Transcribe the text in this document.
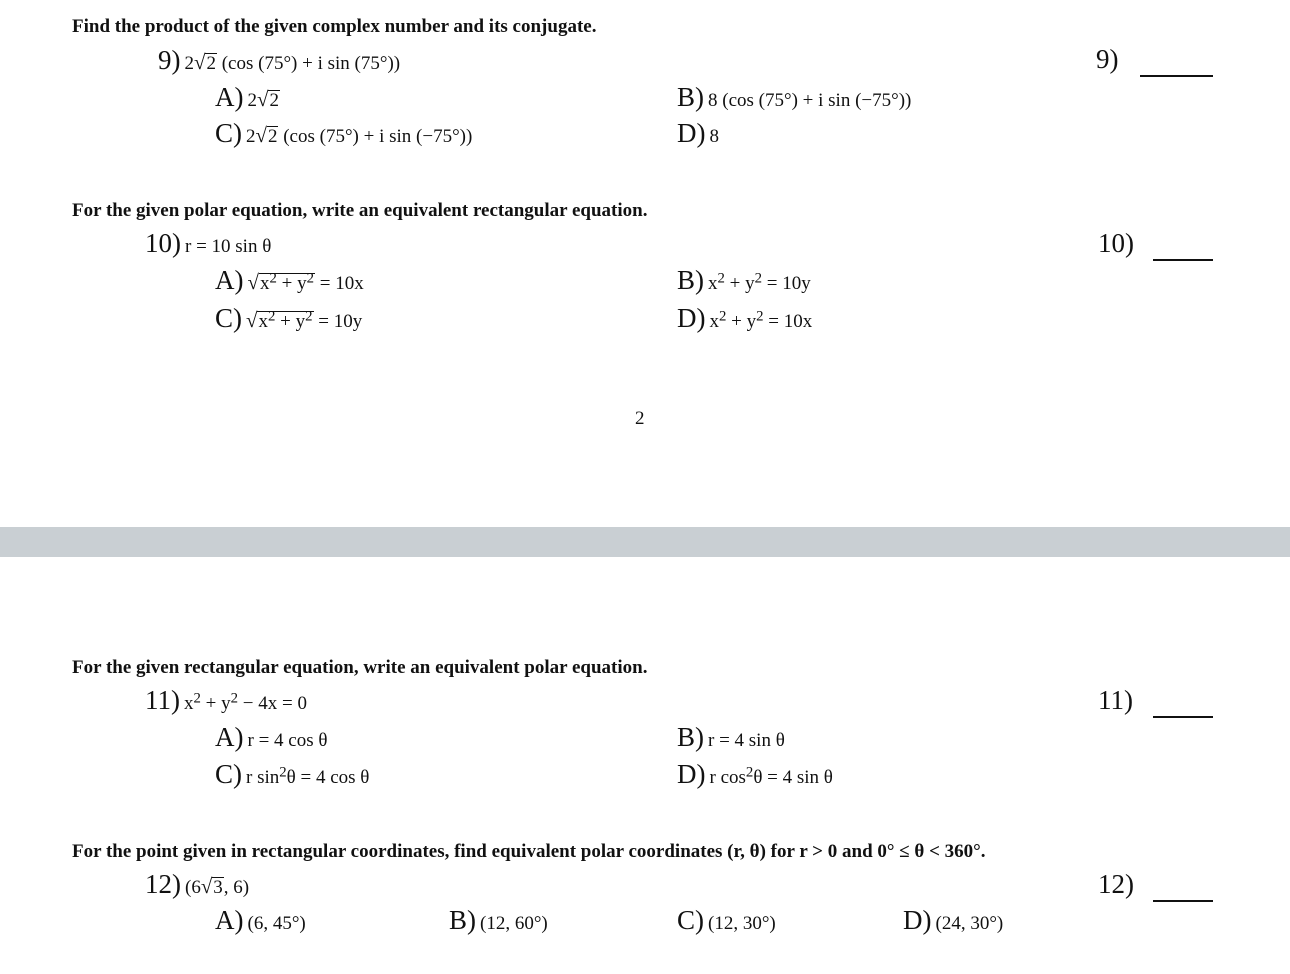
Find the product of the given complex number and its conjugate.
9) 2√2 (cos (75°) + i sin (75°))	9)
A) 2√2	B) 8 (cos (75°) + i sin (−75°))
C) 2√2 (cos (75°) + i sin (−75°))	D) 8
For the given polar equation, write an equivalent rectangular equation.
10) r = 10 sin θ	10)
A) $√x^2 + y^2 = 10x$	B) $x^2 + y^2 = 10y$
C) $√x^2 + y^2 = 10y$	D) $x^2 + y^2 = 10x$
2
For the given rectangular equation, write an equivalent polar equation.
11) $x^2 + y^2 - 4x = 0$	11)
A) r = 4 cos θ	B) r = 4 sin θ
C) r $\sin^2\theta = 4$ cos θ	D) r $\cos^2\theta = 4$ sin θ
For the point given in rectangular coordinates, find equivalent polar coordinates (r, θ) for r > 0 and 0° ≤ θ < 360°.
12) (6√3, 6)	12)
A) (6, 45°)	B) (12, 60°)	C) (12, 30°)	D) (24, 30°)
